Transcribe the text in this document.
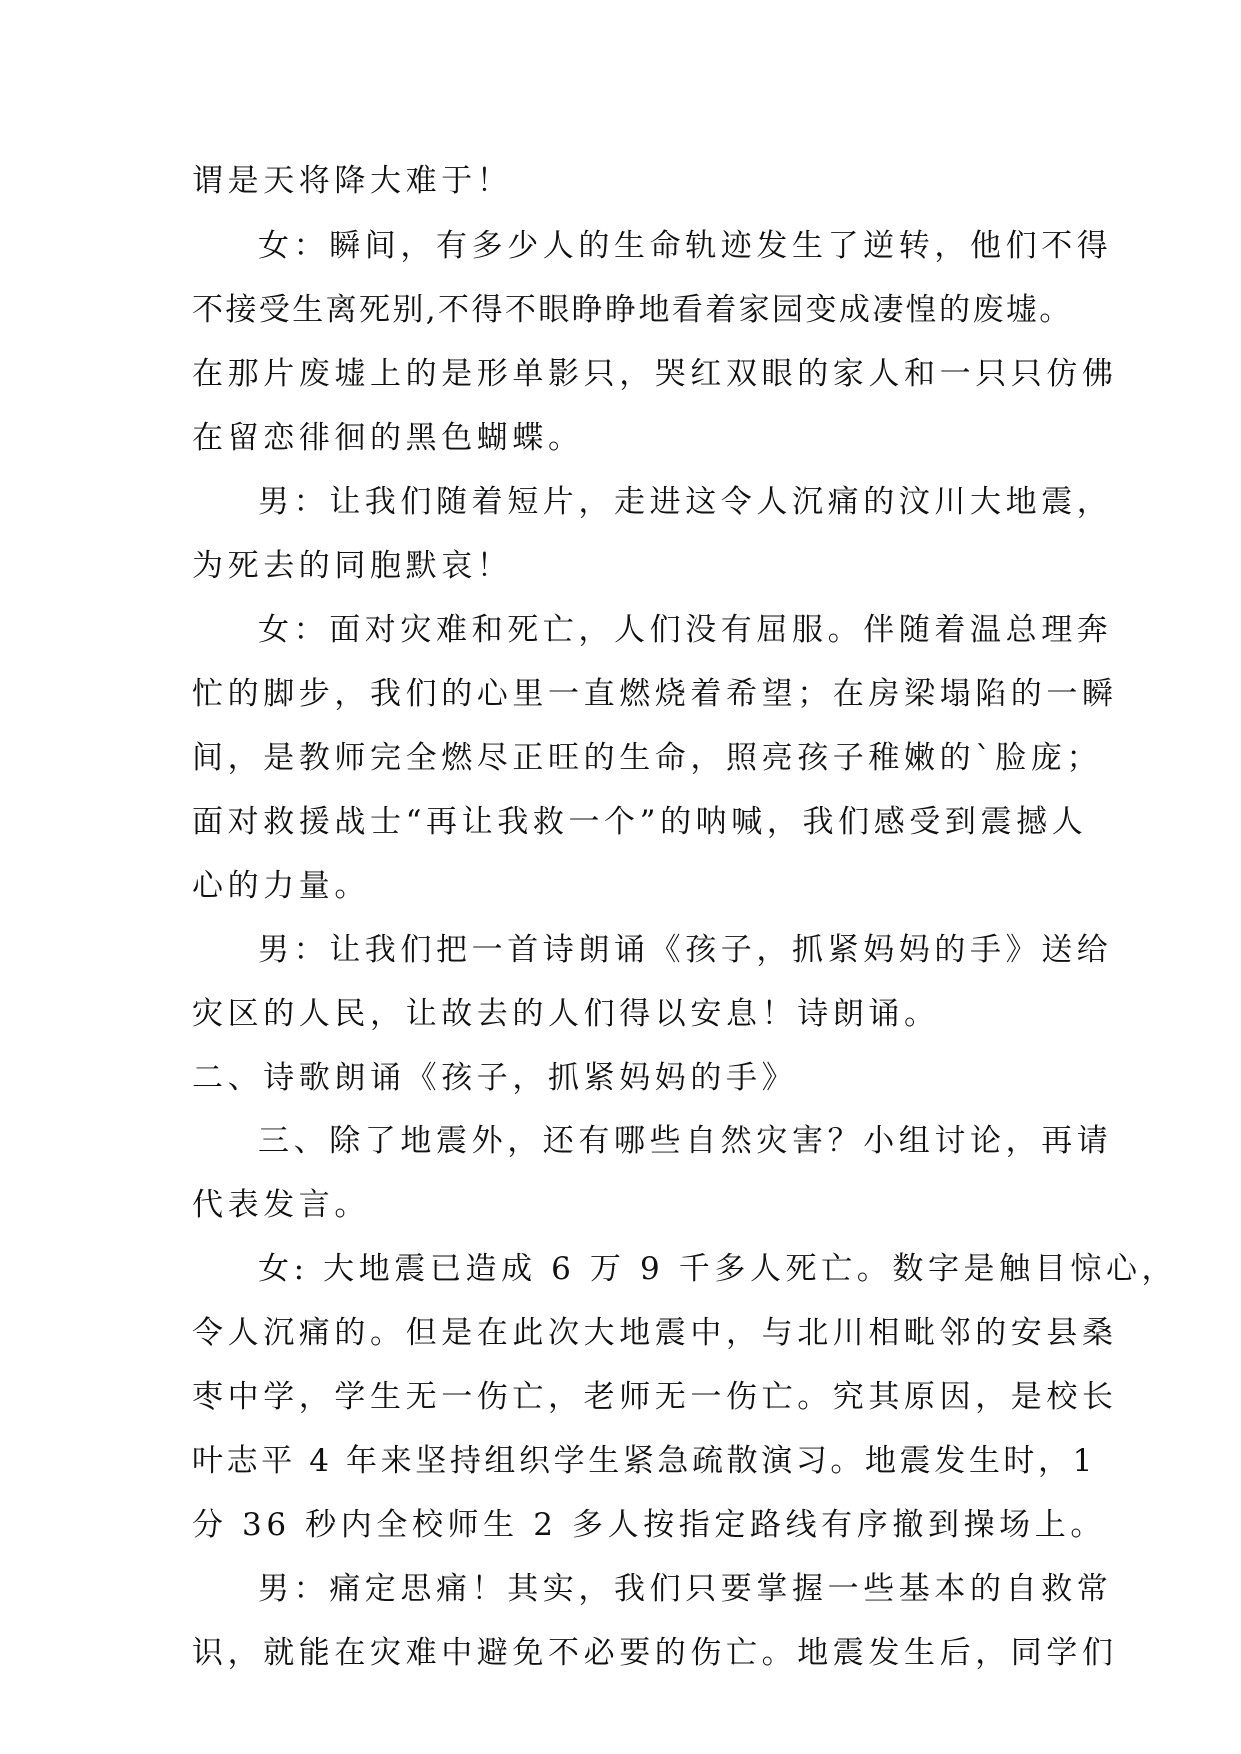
谓是天将降大难于！
女：瞬间，有多少人的生命轨迹发生了逆转，他们不得
不接受生离死别,不得不眼睁睁地看着家园变成凄惶的废墟。
在那片废墟上的是形单影只，哭红双眼的家人和一只只仿佛
在留恋徘徊的黑色蝴蝶。
男：让我们随着短片，走进这令人沉痛的汶川大地震，
为死去的同胞默哀！
女：面对灾难和死亡，人们没有屈服。伴随着温总理奔
忙的脚步，我们的心里一直燃烧着希望；在房梁塌陷的一瞬
间，是教师完全燃尽正旺的生命，照亮孩子稚嫩的`脸庞；
面对救援战士“再让我救一个”的呐喊，我们感受到震撼人
心的力量。
男：让我们把一首诗朗诵《孩子，抓紧妈妈的手》送给
灾区的人民，让故去的人们得以安息！诗朗诵。
二、诗歌朗诵《孩子，抓紧妈妈的手》
三、除了地震外，还有哪些自然灾害？小组讨论，再请
代表发言。
女: 大地震已造成 6 万 9 千多人死亡。数字是触目惊心，
令人沉痛的。但是在此次大地震中，与北川相毗邻的安县桑
枣中学，学生无一伤亡，老师无一伤亡。究其原因，是校长
叶志平 4 年来坚持组织学生紧急疏散演习。地震发生时，1
分 36 秒内全校师生 2 多人按指定路线有序撤到操场上。
男：痛定思痛！其实，我们只要掌握一些基本的自救常
识，就能在灾难中避免不必要的伤亡。地震发生后，同学们
